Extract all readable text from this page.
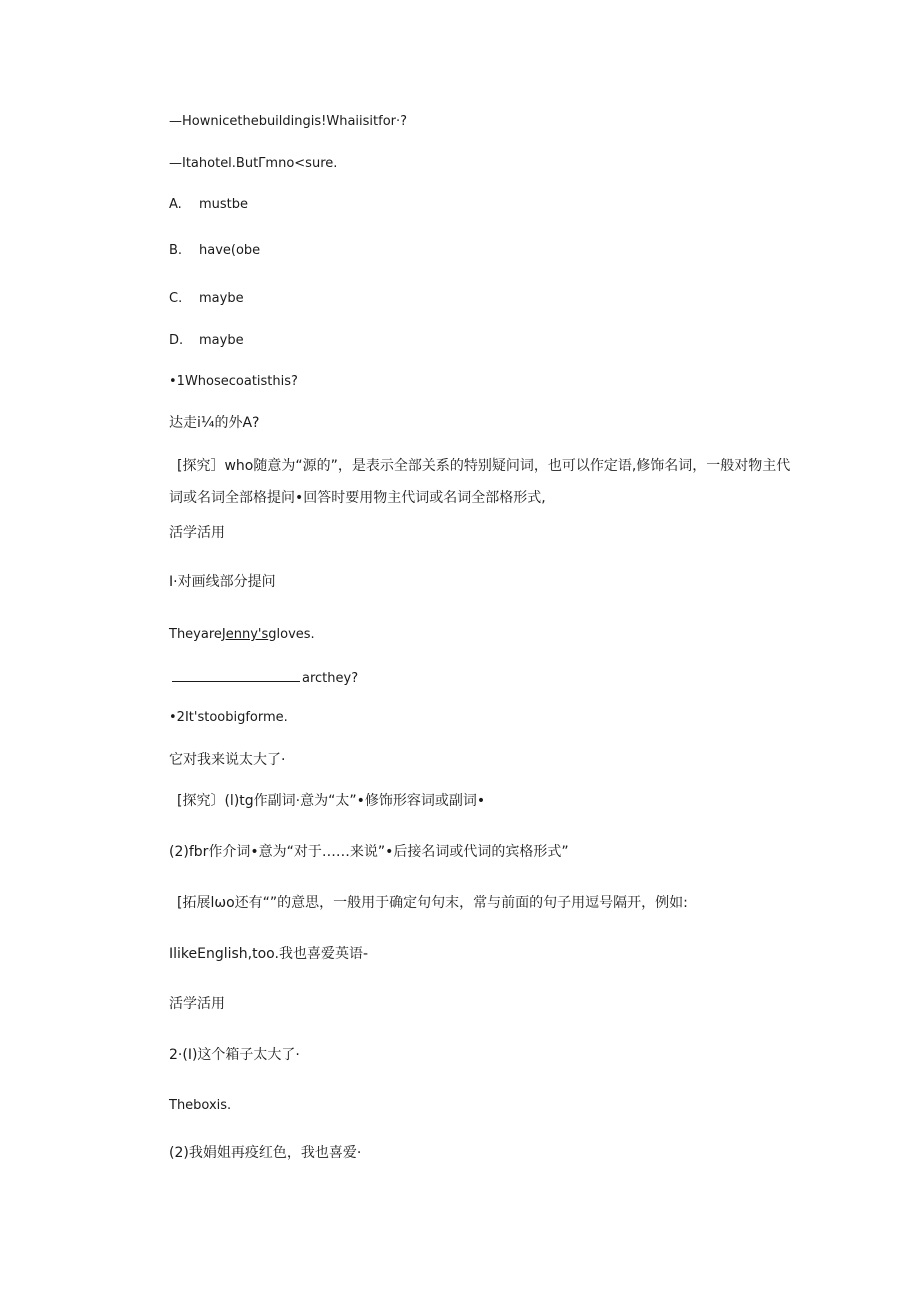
—Hownicethebuildingis!Whaiisitfor·?
—Itahotel.ButΓmno<sure.
A. mustbe
B. have(obe
C. maybe
D. maybe
•1Whosecoatisthis?
达走i¼的外A?
[探究］who随意为“源的”，是表示全部关系的特别疑问词，也可以作定语,修饰名词，一般对物主代词或名词全部格提问•回答时要用物主代词或名词全部格形式,
活学活用
I·对画线部分提问
TheyareJenny'sgloves.
arcthey?
•2It'stoobigforme.
它对我来说太大了·
[探究〕(l)tg作副词·意为“太”•修饰形容词或副词•
(2)fbr作介词•意为“对于……来说”•后接名词或代词的宾格形式”
[拓展lωo还有“”的意思，一般用于确定句句末，常与前面的句子用逗号隔开，例如:
IlikeEnglish,too.我也喜爱英语-
活学活用
2·(I)这个箱子太大了·
Theboxis.
(2)我娟姐再疫红色，我也喜爱·
